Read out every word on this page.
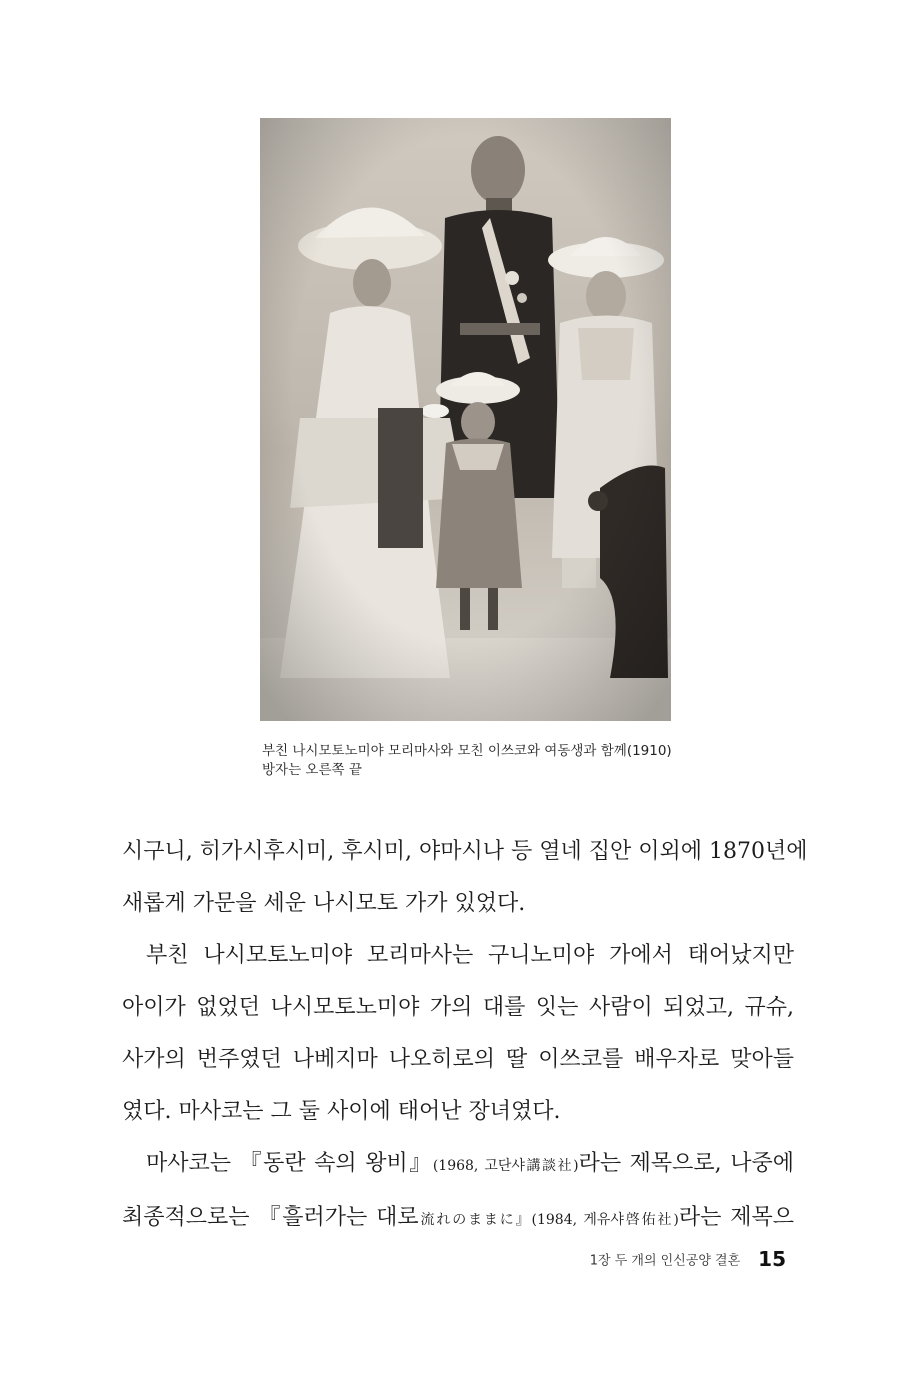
부친 나시모토노미야 모리마사와 모친 이쓰코와 여동생과 함께(1910)
방자는 오른쪽 끝
시구니, 히가시후시미, 후시미, 야마시나 등 열네 집안 이외에 1870년에
새롭게 가문을 세운 나시모토 가가 있었다.
부친 나시모토노미야 모리마사는 구니노미야 가에서 태어났지만
아이가 없었던 나시모토노미야 가의 대를 잇는 사람이 되었고, 규슈,
사가의 번주였던 나베지마 나오히로의 딸 이쓰코를 배우자로 맞아들
였다. 마사코는 그 둘 사이에 태어난 장녀였다.
마사코는 『동란 속의 왕비』(1968, 고단샤講談社)라는 제목으로, 나중에
최종적으로는 『흘러가는 대로流れのままに』(1984, 게유샤啓佑社)라는 제목으
1장 두 개의 인신공양 결혼 15
